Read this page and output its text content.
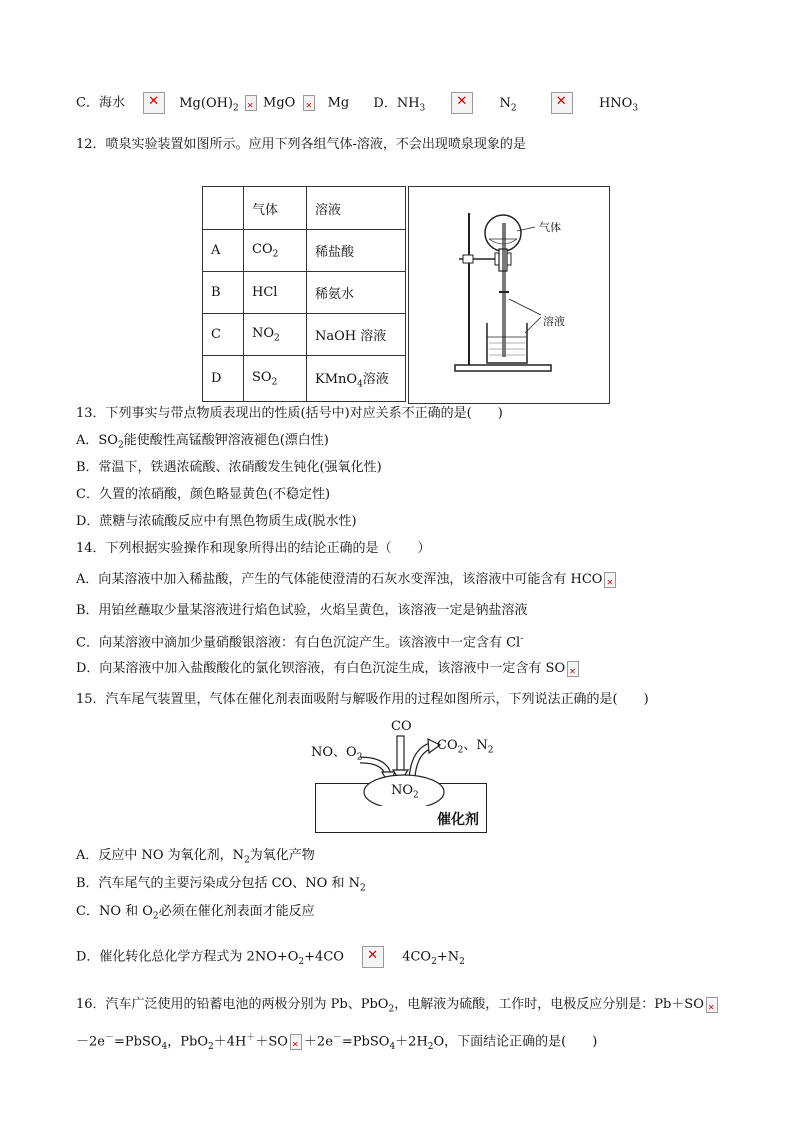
C．海水 ✕	$Mg(OH)_2$ ✕ MgO ✕ Mg D．$NH_3$ ✕	$N_2$ ✕	$HNO_3$
12．喷泉实验装置如图所示。应用下列各组气体-溶液，不会出现喷泉现象的是
	气体	溶液
A	$CO_2$	稀盐酸
B	HCl	稀氨水
C	$NO_2$	NaOH 溶液
D	$SO_2$	KMnO$_4$溶液
气体
溶液
13．下列事实与带点物质表现出的性质(括号中)对应关系不正确的是(　　)
A．$SO_2$能使酸性高锰酸钾溶液褪色(漂白性)
B．常温下，铁遇浓硫酸、浓硝酸发生钝化(强氧化性)
C．久置的浓硝酸，颜色略显黄色(不稳定性)
D．蔗糖与浓硫酸反应中有黑色物质生成(脱水性)
14．下列根据实验操作和现象所得出的结论正确的是（　　）
A．向某溶液中加入稀盐酸，产生的气体能使澄清的石灰水变浑浊，该溶液中可能含有 HCO✕
B．用铂丝蘸取少量某溶液进行焰色试验，火焰呈黄色，该溶液一定是钠盐溶液
C．向某溶液中滴加少量硝酸银溶液：有白色沉淀产生。该溶液中一定含有 Cl-
D．向某溶液中加入盐酸酸化的氯化钡溶液，有白色沉淀生成，该溶液中一定含有 SO✕
15．汽车尾气装置里，气体在催化剂表面吸附与解吸作用的过程如图所示，下列说法正确的是(　　)
NO、$O_2$
CO
$CO_2$、$N_2$
$NO_2$
催化剂
A．反应中 NO 为氧化剂，$N_2$为氧化产物
B．汽车尾气的主要污染成分包括 CO、NO 和 $N_2$
C．NO 和 $O_2$必须在催化剂表面才能反应
D．催化转化总化学方程式为 $2NO+O_2+4CO$ ✕	$4CO_2+N_2$
16．汽车广泛使用的铅蓄电池的两极分别为 Pb、PbO$_2$，电解液为硫酸，工作时，电极反应分别是：Pb＋SO✕
－2e－=PbSO$_4$，PbO$_2$＋4H＋＋SO ✕ $+2e^-=PbSO_4+2H_2O$，下面结论正确的是(　　)
